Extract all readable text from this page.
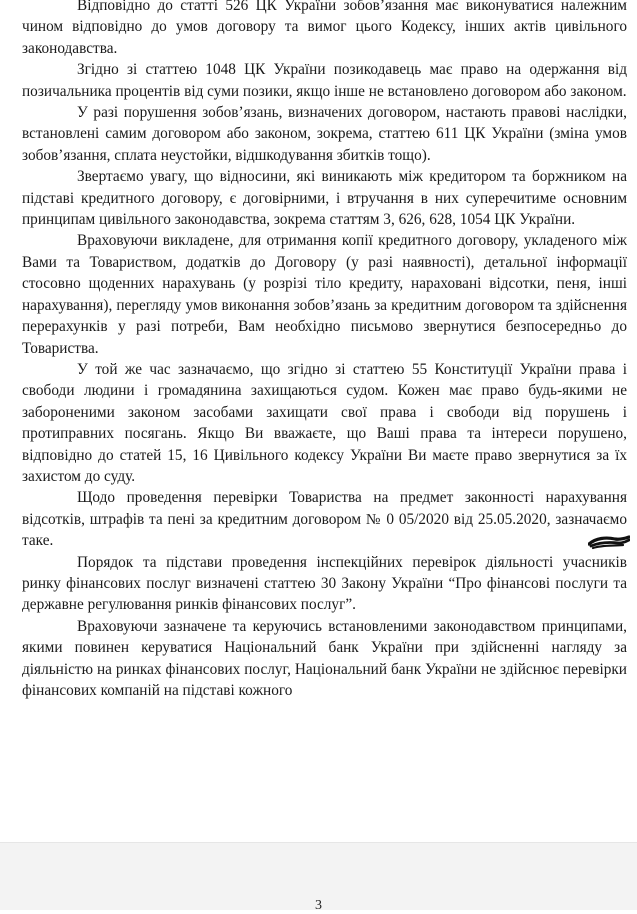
Відповідно до статті 526 ЦК України зобов’язання має виконуватися належним чином відповідно до умов договору та вимог цього Кодексу, інших актів цивільного законодавства.

Згідно зі статтею 1048 ЦК України позикодавець має право на одержання від позичальника процентів від суми позики, якщо інше не встановлено договором або законом.

У разі порушення зобов’язань, визначених договором, настають правові наслідки, встановлені самим договором або законом, зокрема, статтею 611 ЦК України (зміна умов зобов’язання, сплата неустойки, відшкодування збитків тощо).

Звертаємо увагу, що відносини, які виникають між кредитором та боржником на підставі кредитного договору, є договірними, і втручання в них суперечитиме основним принципам цивільного законодавства, зокрема статтям 3, 626, 628, 1054 ЦК України.

Враховуючи викладене, для отримання копії кредитного договору, укладеного між Вами та Товариством, додатків до Договору (у разі наявності), детальної інформації стосовно щоденних нарахувань (у розрізі тіло кредиту, нараховані відсотки, пеня, інші нарахування), перегляду умов виконання зобов’язань за кредитним договором та здійснення перерахунків у разі потреби, Вам необхідно письмово звернутися безпосередньо до Товариства.

У той же час зазначаємо, що згідно зі статтею 55 Конституції України права і свободи людини і громадянина захищаються судом. Кожен має право будь-якими не забороненими законом засобами захищати свої права і свободи від порушень і протиправних посягань. Якщо Ви вважаєте, що Ваші права та інтереси порушено, відповідно до статей 15, 16 Цивільного кодексу України Ви маєте право звернутися за їх захистом до суду.

Щодо проведення перевірки Товариства на предмет законності нарахування відсотків, штрафів та пені за кредитним договором № 0 05/2020 від 25.05.2020, зазначаємо таке.

Порядок та підстави проведення інспекційних перевірок діяльності учасників ринку фінансових послуг визначені статтею 30 Закону України “Про фінансові послуги та державне регулювання ринків фінансових послуг”.

Враховуючи зазначене та керуючись встановленими законодавством принципами, якими повинен керуватися Національний банк України при здійсненні нагляду за діяльністю на ринках фінансових послуг, Національний банк України не здійснює перевірки фінансових компаній на підставі кожного

3
